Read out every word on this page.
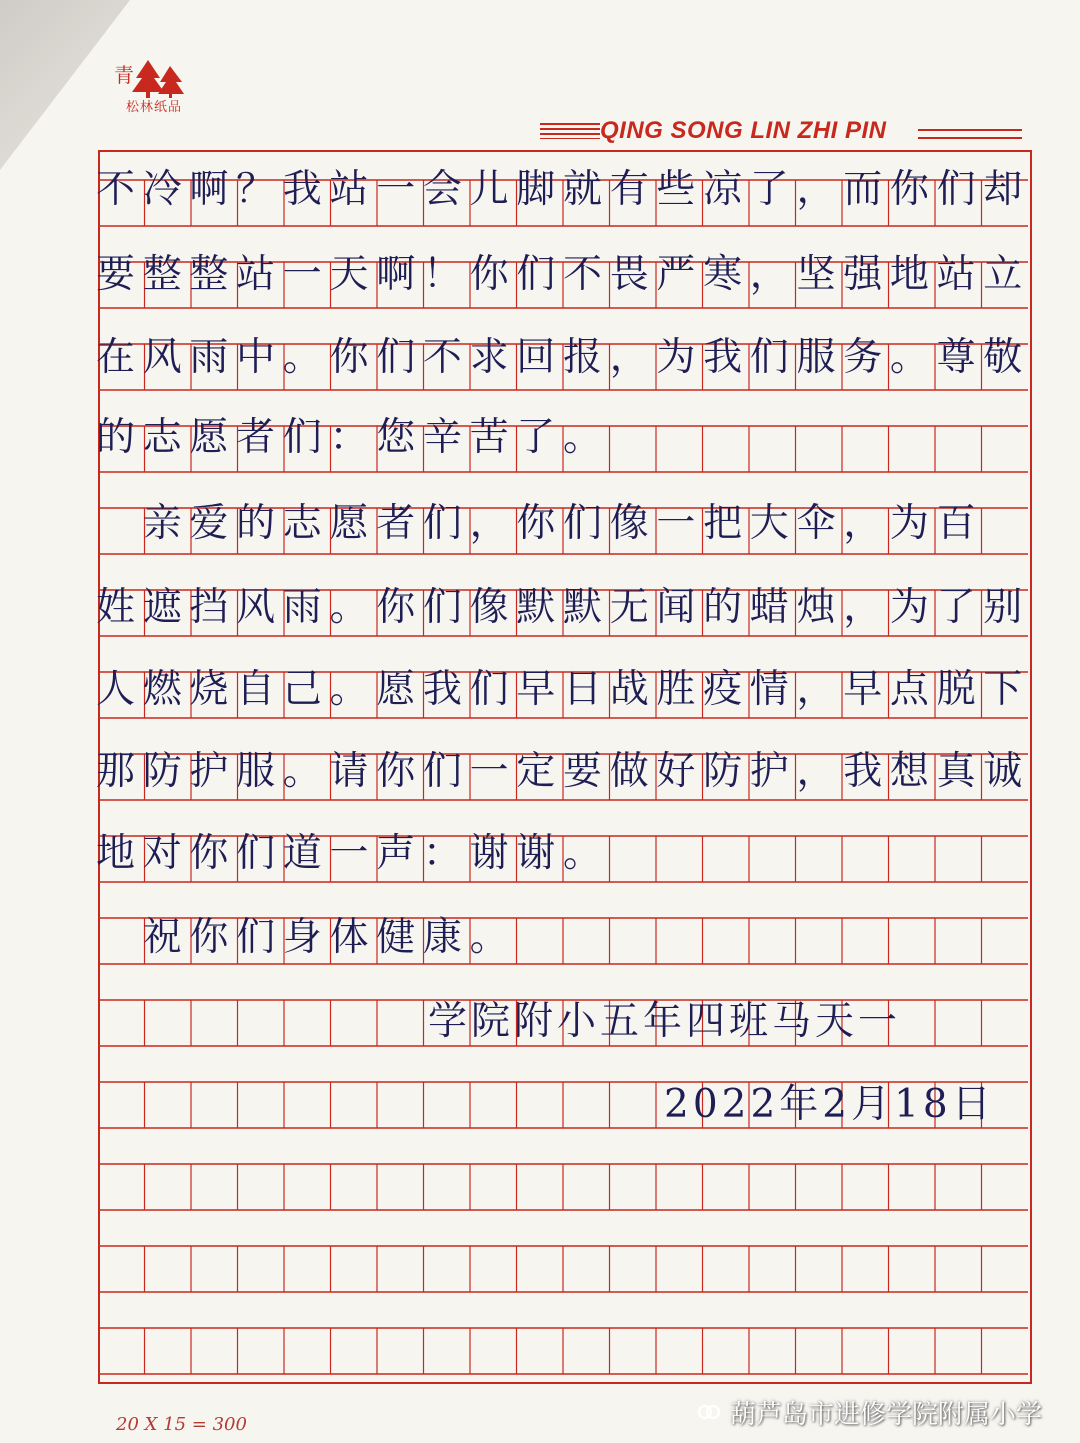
青
松林纸品
QING SONG LIN ZHI PIN
不冷啊？我站一会儿脚就有些凉了，而你们却
要整整站一天啊！你们不畏严寒，坚强地站立
在风雨中。你们不求回报，为我们服务。尊敬
的志愿者们：您辛苦了。
　亲爱的志愿者们，你们像一把大伞，为百
姓遮挡风雨。你们像默默无闻的蜡烛，为了别
人燃烧自己。愿我们早日战胜疫情，早点脱下
那防护服。请你们一定要做好防护，我想真诚
地对你们道一声：谢谢。
　祝你们身体健康。
学院附小五年四班马天一
2022年2月18日
20 X 15 = 300	葫芦岛市进修学院附属小学
